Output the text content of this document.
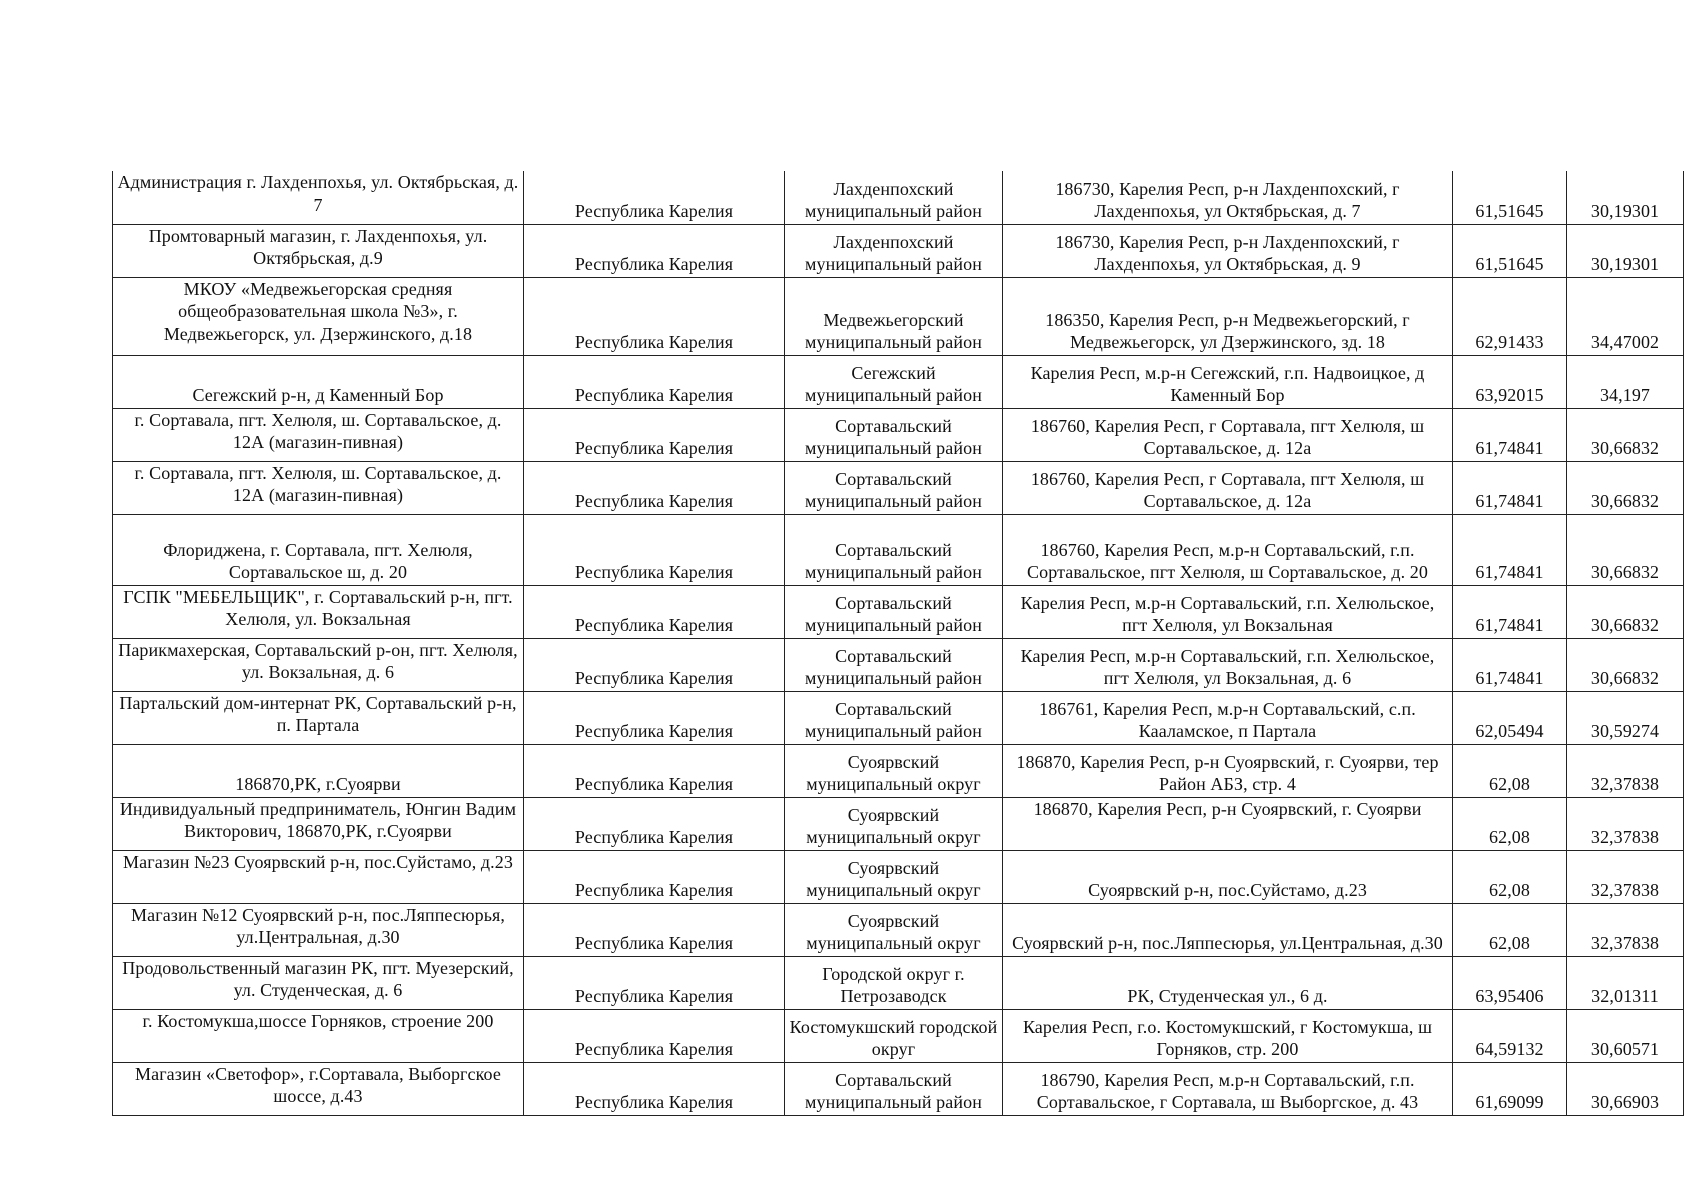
Администрация г. Лахденпохья, ул. Октябрьская, д. 7	Республика Карелия	Лахденпохский муниципальный район	186730, Карелия Респ, р-н Лахденпохский, г Лахденпохья, ул Октябрьская, д. 7	61,51645	30,19301
Промтоварный магазин, г. Лахденпохья, ул. Октябрьская, д.9	Республика Карелия	Лахденпохский муниципальный район	186730, Карелия Респ, р-н Лахденпохский, г Лахденпохья, ул Октябрьская, д. 9	61,51645	30,19301
МКОУ «Медвежьегорская средняя общеобразовательная школа №3», г. Медвежьегорск, ул. Дзержинского, д.18	Республика Карелия	Медвежьегорский муниципальный район	186350, Карелия Респ, р-н Медвежьегорский, г Медвежьегорск, ул Дзержинского, зд. 18	62,91433	34,47002
Сегежский р-н, д Каменный Бор	Республика Карелия	Сегежский муниципальный район	Карелия Респ, м.р-н Сегежский, г.п. Надвоицкое, д Каменный Бор	63,92015	34,197
г. Сортавала, пгт. Хелюля, ш. Сортавальское, д. 12А (магазин-пивная)	Республика Карелия	Сортавальский муниципальный район	186760, Карелия Респ, г Сортавала, пгт Хелюля, ш Сортавальское, д. 12а	61,74841	30,66832
г. Сортавала, пгт. Хелюля, ш. Сортавальское, д. 12А (магазин-пивная)	Республика Карелия	Сортавальский муниципальный район	186760, Карелия Респ, г Сортавала, пгт Хелюля, ш Сортавальское, д. 12а	61,74841	30,66832
Флориджена, г. Сортавала, пгт. Хелюля, Сортавальское ш, д. 20	Республика Карелия	Сортавальский муниципальный район	186760, Карелия Респ, м.р-н Сортавальский, г.п. Сортавальское, пгт Хелюля, ш Сортавальское, д. 20	61,74841	30,66832
ГСПК "МЕБЕЛЬЩИК", г. Сортавальский р-н, пгт. Хелюля, ул. Вокзальная	Республика Карелия	Сортавальский муниципальный район	Карелия Респ, м.р-н Сортавальский, г.п. Хелюльское, пгт Хелюля, ул Вокзальная	61,74841	30,66832
Парикмахерская, Сортавальский р-он, пгт. Хелюля, ул. Вокзальная, д. 6	Республика Карелия	Сортавальский муниципальный район	Карелия Респ, м.р-н Сортавальский, г.п. Хелюльское, пгт Хелюля, ул Вокзальная, д. 6	61,74841	30,66832
Партальский дом-интернат РК, Сортавальский р-н, п. Партала	Республика Карелия	Сортавальский муниципальный район	186761, Карелия Респ, м.р-н Сортавальский, с.п. Кааламское, п Партала	62,05494	30,59274
186870,РК, г.Суоярви	Республика Карелия	Суоярвский муниципальный округ	186870, Карелия Респ, р-н Суоярвский, г. Суоярви, тер Район АБЗ, стр. 4	62,08	32,37838
Индивидуальный предприниматель, Юнгин Вадим Викторович, 186870,РК, г.Суоярви	Республика Карелия	Суоярвский муниципальный округ	186870, Карелия Респ, р-н Суоярвский, г. Суоярви	62,08	32,37838
Магазин №23 Суоярвский р-н, пос.Суйстамо, д.23	Республика Карелия	Суоярвский муниципальный округ	Суоярвский р-н, пос.Суйстамо, д.23	62,08	32,37838
Магазин №12 Суоярвский р-н, пос.Ляппесюрья, ул.Центральная, д.30	Республика Карелия	Суоярвский муниципальный округ	Суоярвский р-н, пос.Ляппесюрья, ул.Центральная, д.30	62,08	32,37838
Продовольственный магазин РК, пгт. Муезерский, ул. Студенческая, д. 6	Республика Карелия	Городской округ г. Петрозаводск	РК, Студенческая ул., 6 д.	63,95406	32,01311
г. Костомукша,шоссе Горняков, строение 200	Республика Карелия	Костомукшский городской округ	Карелия Респ, г.о. Костомукшский, г Костомукша, ш Горняков, стр. 200	64,59132	30,60571
Магазин «Светофор», г.Сортавала, Выборгское шоссе, д.43	Республика Карелия	Сортавальский муниципальный район	186790, Карелия Респ, м.р-н Сортавальский, г.п. Сортавальское, г Сортавала, ш Выборгское, д. 43	61,69099	30,66903
